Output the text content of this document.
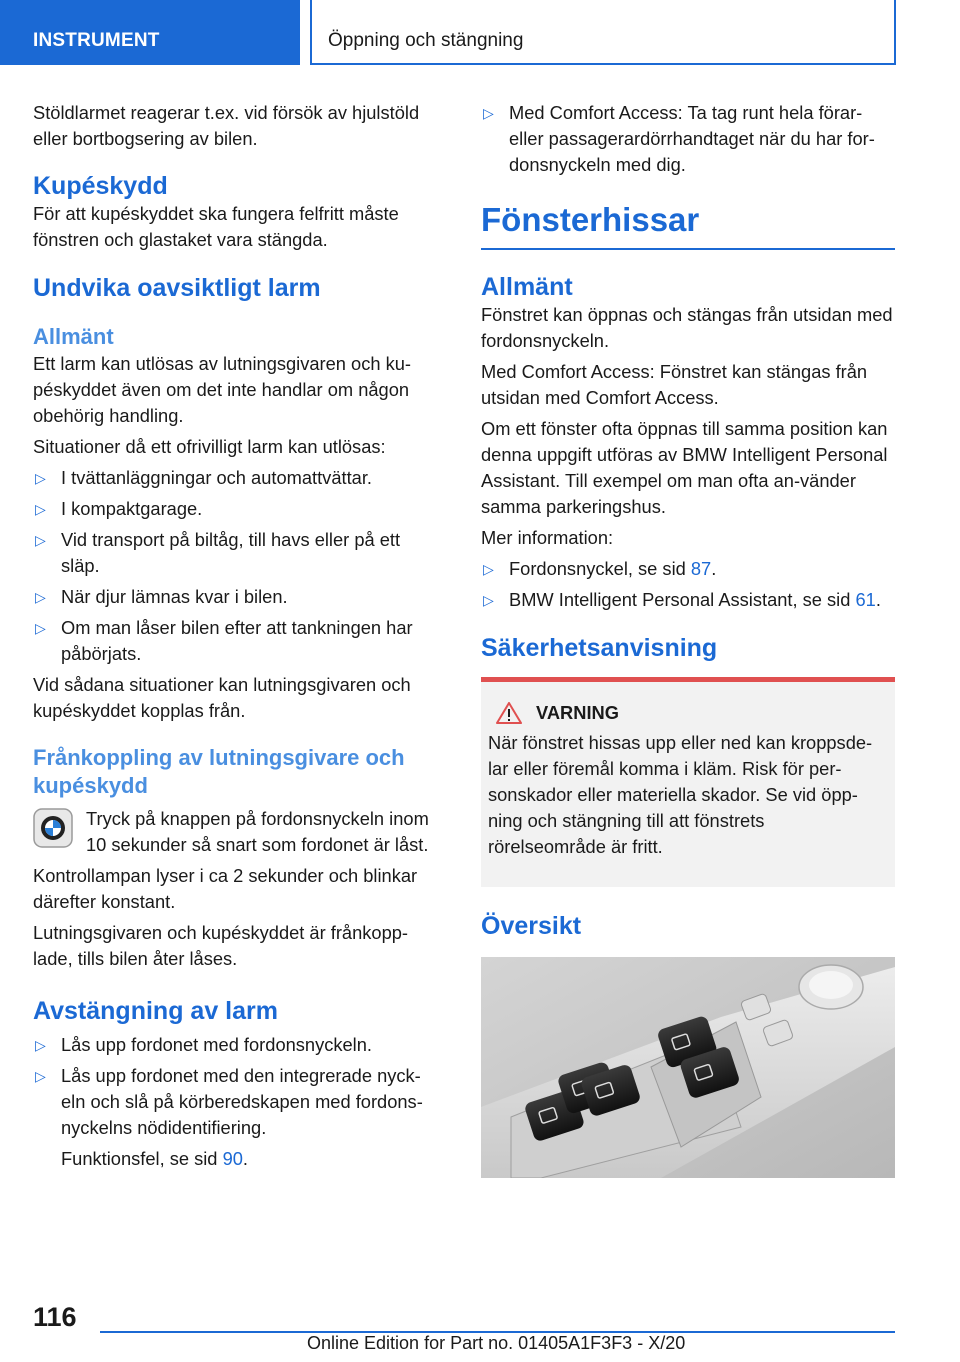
INSTRUMENT	Öppning och stängning

Stöldlarmet reagerar t.ex. vid försök av hjulstöld eller bortbogsering av bilen.

Kupéskydd

För att kupéskyddet ska fungera felfritt måste fönstren och glastaket vara stängda.

Undvika oavsiktligt larm
Allmänt

Ett larm kan utlösas av lutningsgivaren och ku-péskyddet även om det inte handlar om någon obehörig handling.

Situationer då ett ofrivilligt larm kan utlösas:

▷ I tvättanläggningar och automattvättar.
▷ I kompaktgarage.
▷ Vid transport på biltåg, till havs eller på ett släp.
▷ När djur lämnas kvar i bilen.
▷ Om man låser bilen efter att tankningen har påbörjats.

Vid sådana situationer kan lutningsgivaren och kupéskyddet kopplas från.

Frånkoppling av lutningsgivare och kupéskydd
Tryck på knappen på fordonsnyckeln inom 10 sekunder så snart som fordonet är låst.

Kontrollampan lyser i ca 2 sekunder och blinkar därefter konstant.

Lutningsgivaren och kupéskyddet är frånkopp-lade, tills bilen åter låses.

Avstängning av larm
▷ Lås upp fordonet med fordonsnyckeln.
▷ Lås upp fordonet med den integrerade nyck-eln och slå på körberedskapen med fordons-nyckelns nödidentifiering.
Funktionsfel, se sid 90.
▷ Med Comfort Access: Ta tag runt hela förar- eller passagerardörrhandtaget när du har for-donsnyckeln med dig.
Fönsterhissar
Allmänt

Fönstret kan öppnas och stängas från utsidan med fordonsnyckeln.

Med Comfort Access: Fönstret kan stängas från utsidan med Comfort Access.

Om ett fönster ofta öppnas till samma position kan denna uppgift utföras av BMW Intelligent Personal Assistant. Till exempel om man ofta an-vänder samma parkeringshus.

Mer information:

▷ Fordonsnyckel, se sid 87.
▷ BMW Intelligent Personal Assistant, se sid 61.
Säkerhetsanvisning
VARNING

När fönstret hissas upp eller ned kan kroppsde-lar eller föremål komma i kläm. Risk för per-sonskador eller materiella skador. Se vid öpp-ning och stängning till att fönstrets rörelseområde är fritt.

Översikt
116
Online Edition for Part no. 01405A1F3F3 - X/20
